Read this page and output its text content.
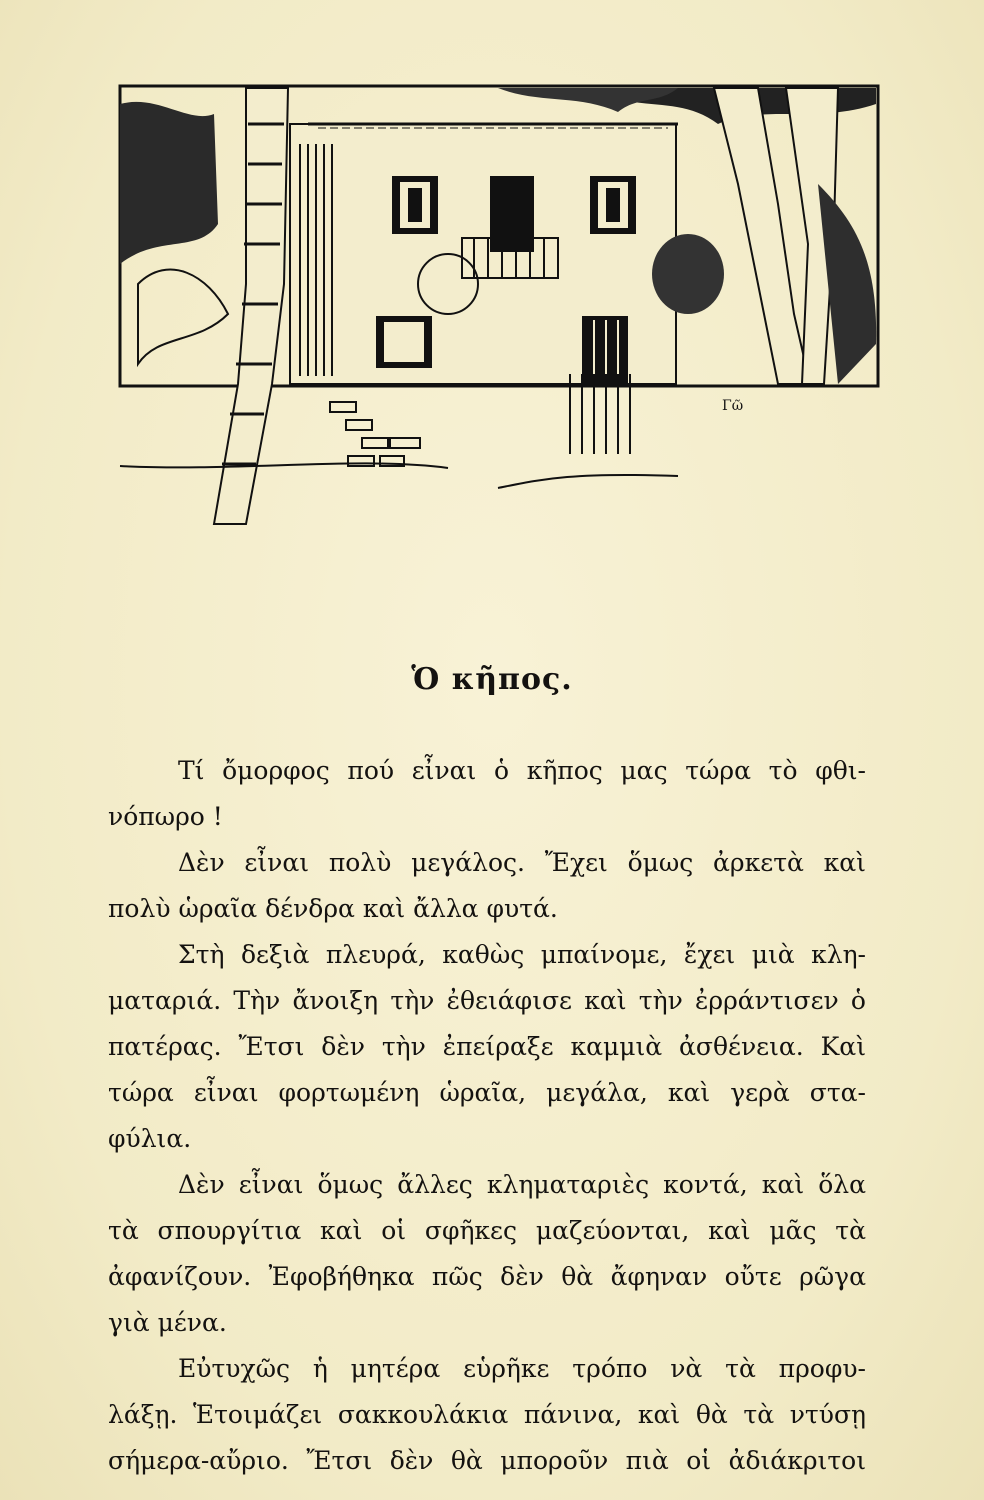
Γῶ
Ὁ κῆπος.

Τί ὄμορφος πού εἶναι ὁ κῆπος μας τώρα τὸ φθι-
νόπωρο !

Δὲν εἶναι πολὺ μεγάλος. Ἔχει ὅμως ἀρκετὰ καὶ
πολὺ ὡραῖα δένδρα καὶ ἄλλα φυτά.

Στὴ δεξιὰ πλευρά, καθὼς μπαίνομε, ἔχει μιὰ κλη-
ματαριά. Τὴν ἄνοιξη τὴν ἐθειάφισε καὶ τὴν ἐρράντισεν ὁ
πατέρας. Ἔτσι δὲν τὴν ἐπείραξε καμμιὰ ἀσθένεια. Καὶ
τώρα εἶναι φορτωμένη ὡραῖα, μεγάλα, καὶ γερὰ στα-
φύλια.

Δὲν εἶναι ὅμως ἄλλες κληματαριὲς κοντά, καὶ ὅλα
τὰ σπουργίτια καὶ οἱ σφῆκες μαζεύονται, καὶ μᾶς τὰ
ἀφανίζουν. Ἐφοβήθηκα πῶς δὲν θὰ ἄφηναν οὔτε ρῶγα
γιὰ μένα.

Εὐτυχῶς ἡ μητέρα εὑρῆκε τρόπο νὰ τὰ προφυ-
λάξῃ. Ἑτοιμάζει σακκουλάκια πάνινα, καὶ θὰ τὰ ντύσῃ
σήμερα-αὔριο. Ἔτσι δὲν θὰ μποροῦν πιὰ οἱ ἀδιάκριτοι
